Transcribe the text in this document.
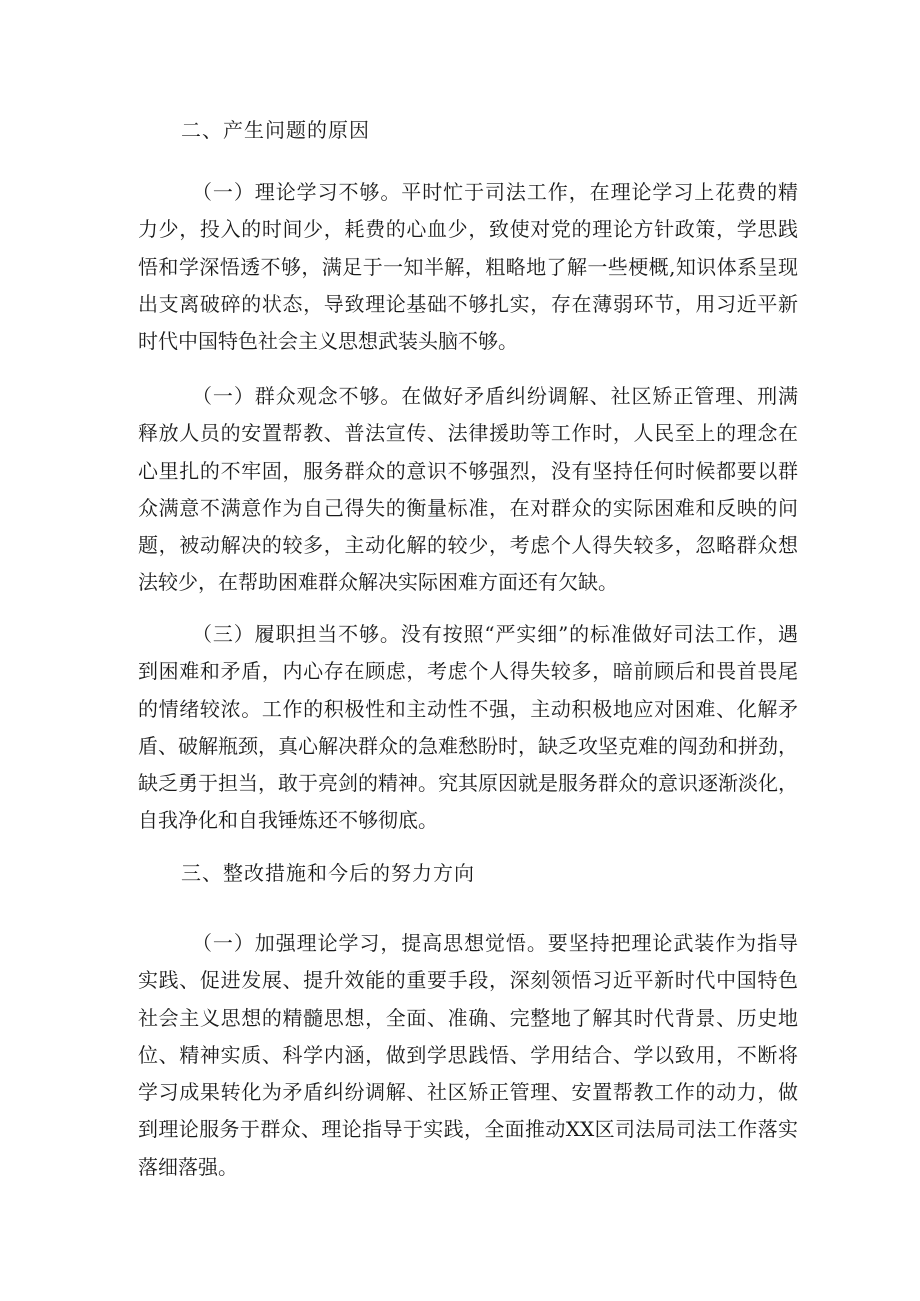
二、产生问题的原因
（一）理论学习不够。平时忙于司法工作，在理论学习上花费的精
力少，投入的时间少，耗费的心血少，致使对党的理论方针政策，学思践
悟和学深悟透不够，满足于一知半解，粗略地了解一些梗概,知识体系呈现
出支离破碎的状态，导致理论基础不够扎实，存在薄弱环节，用习近平新
时代中国特色社会主义思想武装头脑不够。
（一）群众观念不够。在做好矛盾纠纷调解、社区矫正管理、刑满
释放人员的安置帮教、普法宣传、法律援助等工作时，人民至上的理念在
心里扎的不牢固，服务群众的意识不够强烈，没有坚持任何时候都要以群
众满意不满意作为自己得失的衡量标准，在对群众的实际困难和反映的问
题，被动解决的较多，主动化解的较少，考虑个人得失较多，忽略群众想
法较少，在帮助困难群众解决实际困难方面还有欠缺。
（三）履职担当不够。没有按照“严实细”的标准做好司法工作，遇
到困难和矛盾，内心存在顾虑，考虑个人得失较多，暗前顾后和畏首畏尾
的情绪较浓。工作的积极性和主动性不强，主动积极地应对困难、化解矛
盾、破解瓶颈，真心解决群众的急难愁盼时，缺乏攻坚克难的闯劲和拼劲，
缺乏勇于担当，敢于亮剑的精神。究其原因就是服务群众的意识逐渐淡化，
自我净化和自我锤炼还不够彻底。
三、整改措施和今后的努力方向
（一）加强理论学习，提高思想觉悟。要坚持把理论武装作为指导
实践、促进发展、提升效能的重要手段，深刻领悟习近平新时代中国特色
社会主义思想的精髓思想，全面、准确、完整地了解其时代背景、历史地
位、精神实质、科学内涵，做到学思践悟、学用结合、学以致用，不断将
学习成果转化为矛盾纠纷调解、社区矫正管理、安置帮教工作的动力，做
到理论服务于群众、理论指导于实践，全面推动XX区司法局司法工作落实
落细落强。
